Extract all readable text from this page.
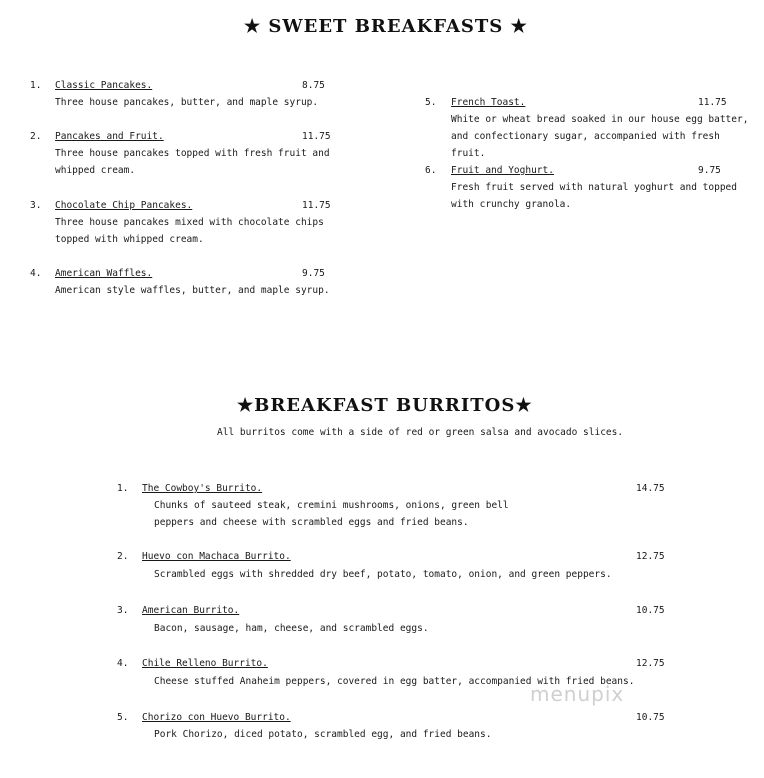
★ SWEET BREAKFASTS ★
1. Classic Pancakes.	8.75
Three house pancakes, butter, and maple syrup.
2. Pancakes and Fruit.	11.75
Three house pancakes topped with fresh fruit and whipped cream.
3. Chocolate Chip Pancakes.	11.75
Three house pancakes mixed with chocolate chips topped with whipped cream.
4. American Waffles.	9.75
American style waffles, butter, and maple syrup.
5. French Toast.	11.75
White or wheat bread soaked in our house egg batter, and confectionary sugar, accompanied with fresh fruit.
6. Fruit and Yoghurt.	9.75
Fresh fruit served with natural yoghurt and topped with crunchy granola.
★BREAKFAST BURRITOS★
All burritos come with a side of red or green salsa and avocado slices.
1. The Cowboy's Burrito.	14.75
Chunks of sauteed steak, cremini mushrooms, onions, green bell peppers and cheese with scrambled eggs and fried beans.
2. Huevo con Machaca Burrito.	12.75
Scrambled eggs with shredded dry beef, potato, tomato, onion, and green peppers.
3. American Burrito.	10.75
Bacon, sausage, ham, cheese, and scrambled eggs.
4. Chile Relleno Burrito.	12.75
Cheese stuffed Anaheim peppers, covered in egg batter, accompanied with fried beans.
5. Chorizo con Huevo Burrito.	10.75
Pork Chorizo, diced potato, scrambled egg, and fried beans.
menupix
